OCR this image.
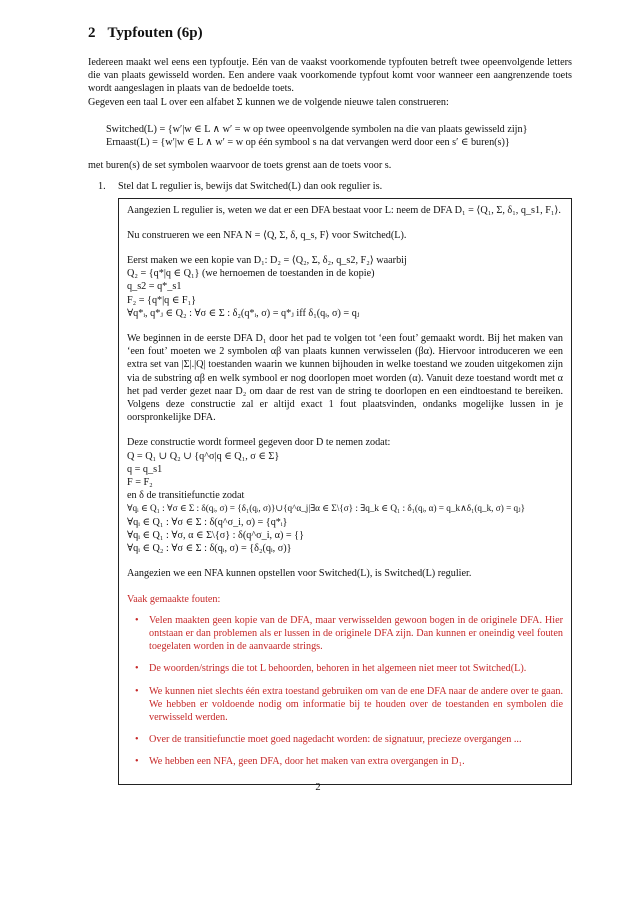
2 Typfouten (6p)

Iedereen maakt wel eens een typfoutje. Eén van de vaakst voorkomende typfouten betreft twee opeenvolgende letters die van plaats gewisseld worden. Een andere vaak voorkomende typfout komt voor wanneer een aangrenzende toets wordt aangeslagen in plaats van de bedoelde toets.

Gegeven een taal L over een alfabet Σ kunnen we de volgende nieuwe talen construeren:

Switched(L) = {w′|w ∈ L ∧ w′ = w op twee opeenvolgende symbolen na die van plaats gewisseld zijn}
Ernaast(L) = {w′|w ∈ L ∧ w′ = w op één symbool s na dat vervangen werd door een s′ ∈ buren(s)}

met buren(s) de set symbolen waarvoor de toets grenst aan de toets voor s.

1. Stel dat L regulier is, bewijs dat Switched(L) dan ook regulier is.

Aangezien L regulier is, weten we dat er een DFA bestaat voor L: neem de DFA D₁ = ⟨Q₁, Σ, δ₁, q_s1, F₁⟩.

Nu construeren we een NFA N = ⟨Q, Σ, δ, q_s, F⟩ voor Switched(L).

Eerst maken we een kopie van D₁: D₂ = ⟨Q₂, Σ, δ₂, q_s2, F₂⟩ waarbij
Q₂ = {q*|q ∈ Q₁} (we hernoemen de toestanden in de kopie)
q_s2 = q*_s1
F₂ = {q*|q ∈ F₁}
∀q*ᵢ, q*ⱼ ∈ Q₂ : ∀σ ∈ Σ : δ₂(q*ᵢ, σ) = q*ⱼ iff δ₁(qᵢ, σ) = qⱼ

We beginnen in de eerste DFA D₁ door het pad te volgen tot ‘een fout’ gemaakt wordt. Bij het maken van ‘een fout’ moeten we 2 symbolen αβ van plaats kunnen verwisselen (βα). Hiervoor introduceren we een extra set van |Σ|.|Q| toestanden waarin we kunnen bijhouden in welke toestand we zouden uitgekomen zijn via de substring αβ en welk symbool er nog doorlopen moet worden (α). Vanuit deze toestand wordt met α het pad verder gezet naar D₂ om daar de rest van de string te doorlopen en een eindtoestand te bereiken. Volgens deze constructie zal er altijd exact 1 fout plaatsvinden, ondanks mogelijke lussen in je oorspronkelijke DFA.

Deze constructie wordt formeel gegeven door D te nemen zodat:
Q = Q₁ ∪ Q₂ ∪ {q^σ|q ∈ Q₁, σ ∈ Σ}
q = q_s1
F = F₂
en δ de transitiefunctie zodat
∀qᵢ ∈ Q₁ : ∀σ ∈ Σ : δ(qᵢ, σ) = {δ₁(qᵢ, σ)}∪{q^α_j|∃α ∈ Σ\{σ} : ∃q_k ∈ Q₁ : δ₁(qᵢ, α) = q_k∧δ₁(q_k, σ) = qⱼ}
∀qᵢ ∈ Q₁ : ∀σ ∈ Σ : δ(q^σ_i, σ) = {q*ᵢ}
∀qᵢ ∈ Q₁ : ∀σ, α ∈ Σ\{σ} : δ(q^σ_i, α) = {}
∀qᵢ ∈ Q₂ : ∀σ ∈ Σ : δ(qᵢ, σ) = {δ₂(qᵢ, σ)}

Aangezien we een NFA kunnen opstellen voor Switched(L), is Switched(L) regulier.

Vaak gemaakte fouten:
• Velen maakten geen kopie van de DFA, maar verwisselden gewoon bogen in de originele DFA. Hier ontstaan er dan problemen als er lussen in de originele DFA zijn. Dan kunnen er oneindig veel fouten toegelaten worden in de aanvaarde strings.
• De woorden/strings die tot L behoorden, behoren in het algemeen niet meer tot Switched(L).
• We kunnen niet slechts één extra toestand gebruiken om van de ene DFA naar de andere over te gaan. We hebben er voldoende nodig om informatie bij te houden over de toestanden en symbolen die verwisseld werden.
• Over de transitiefunctie moet goed nagedacht worden: de signatuur, precieze overgangen ...
• We hebben een NFA, geen DFA, door het maken van extra overgangen in D₁.
2
